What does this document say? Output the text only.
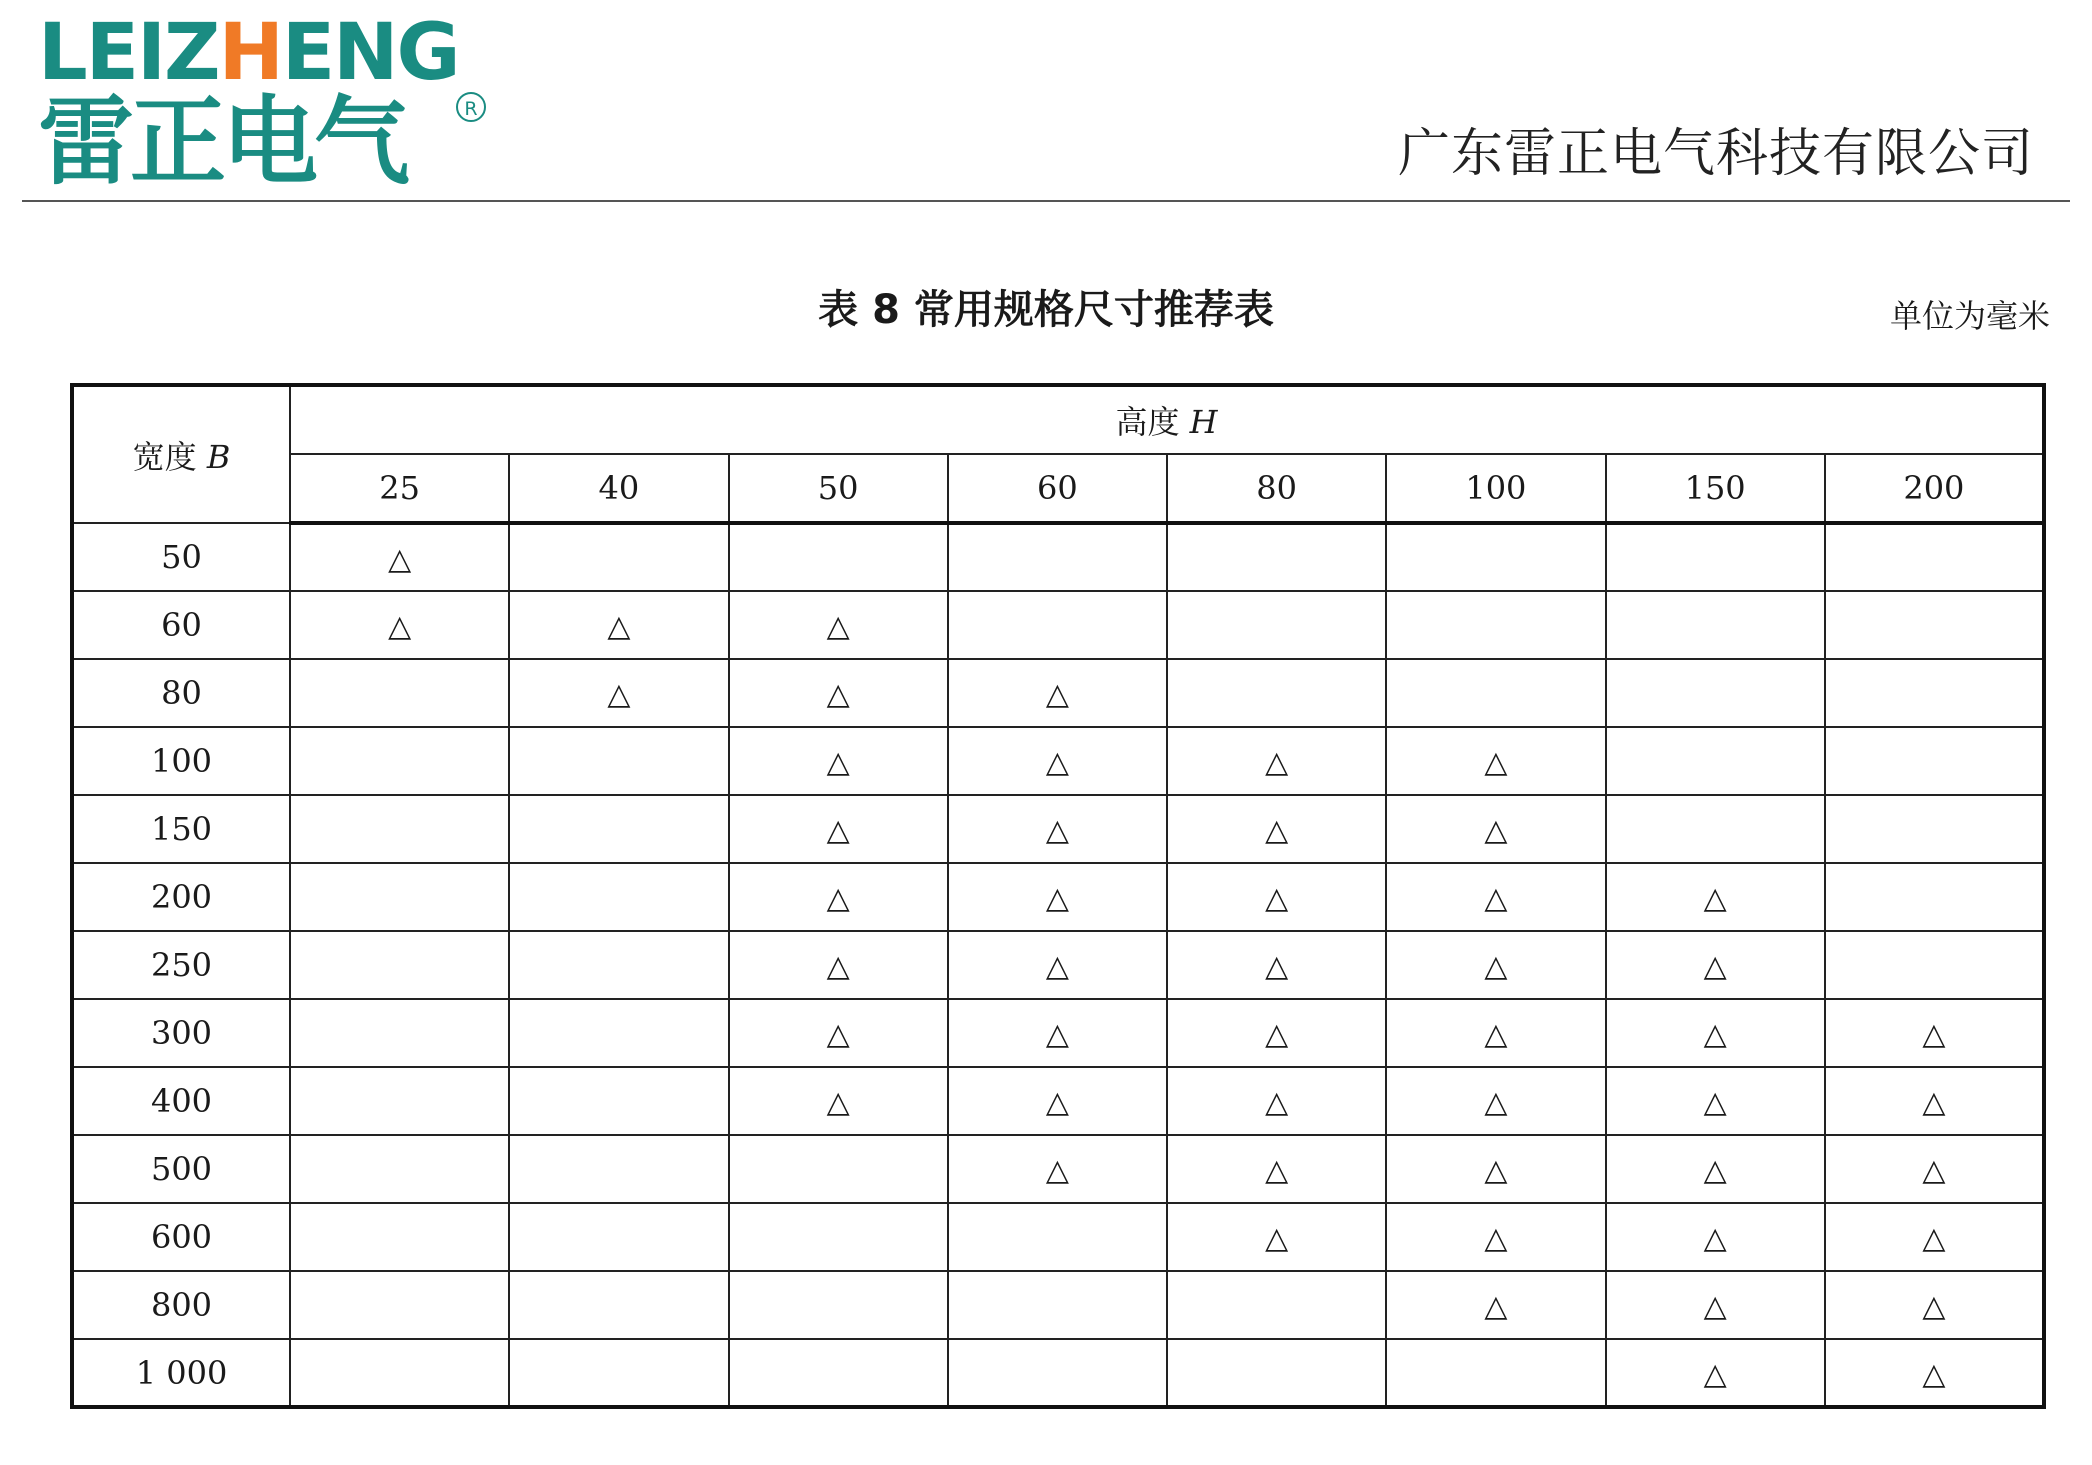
LEIZHENG
雷正电气	R
广东雷正电气科技有限公司
表 8 常用规格尺寸推荐表	单位为毫米
宽度 B	高度 H							
	25	40	50	60	80	100	150	200
50	△							
60	△	△	△					
80		△	△	△				
100			△	△	△	△		
150			△	△	△	△		
200			△	△	△	△	△	
250			△	△	△	△	△	
300			△	△	△	△	△	△
400			△	△	△	△	△	△
500				△	△	△	△	△
600					△	△	△	△
800						△	△	△
1 000							△	△
